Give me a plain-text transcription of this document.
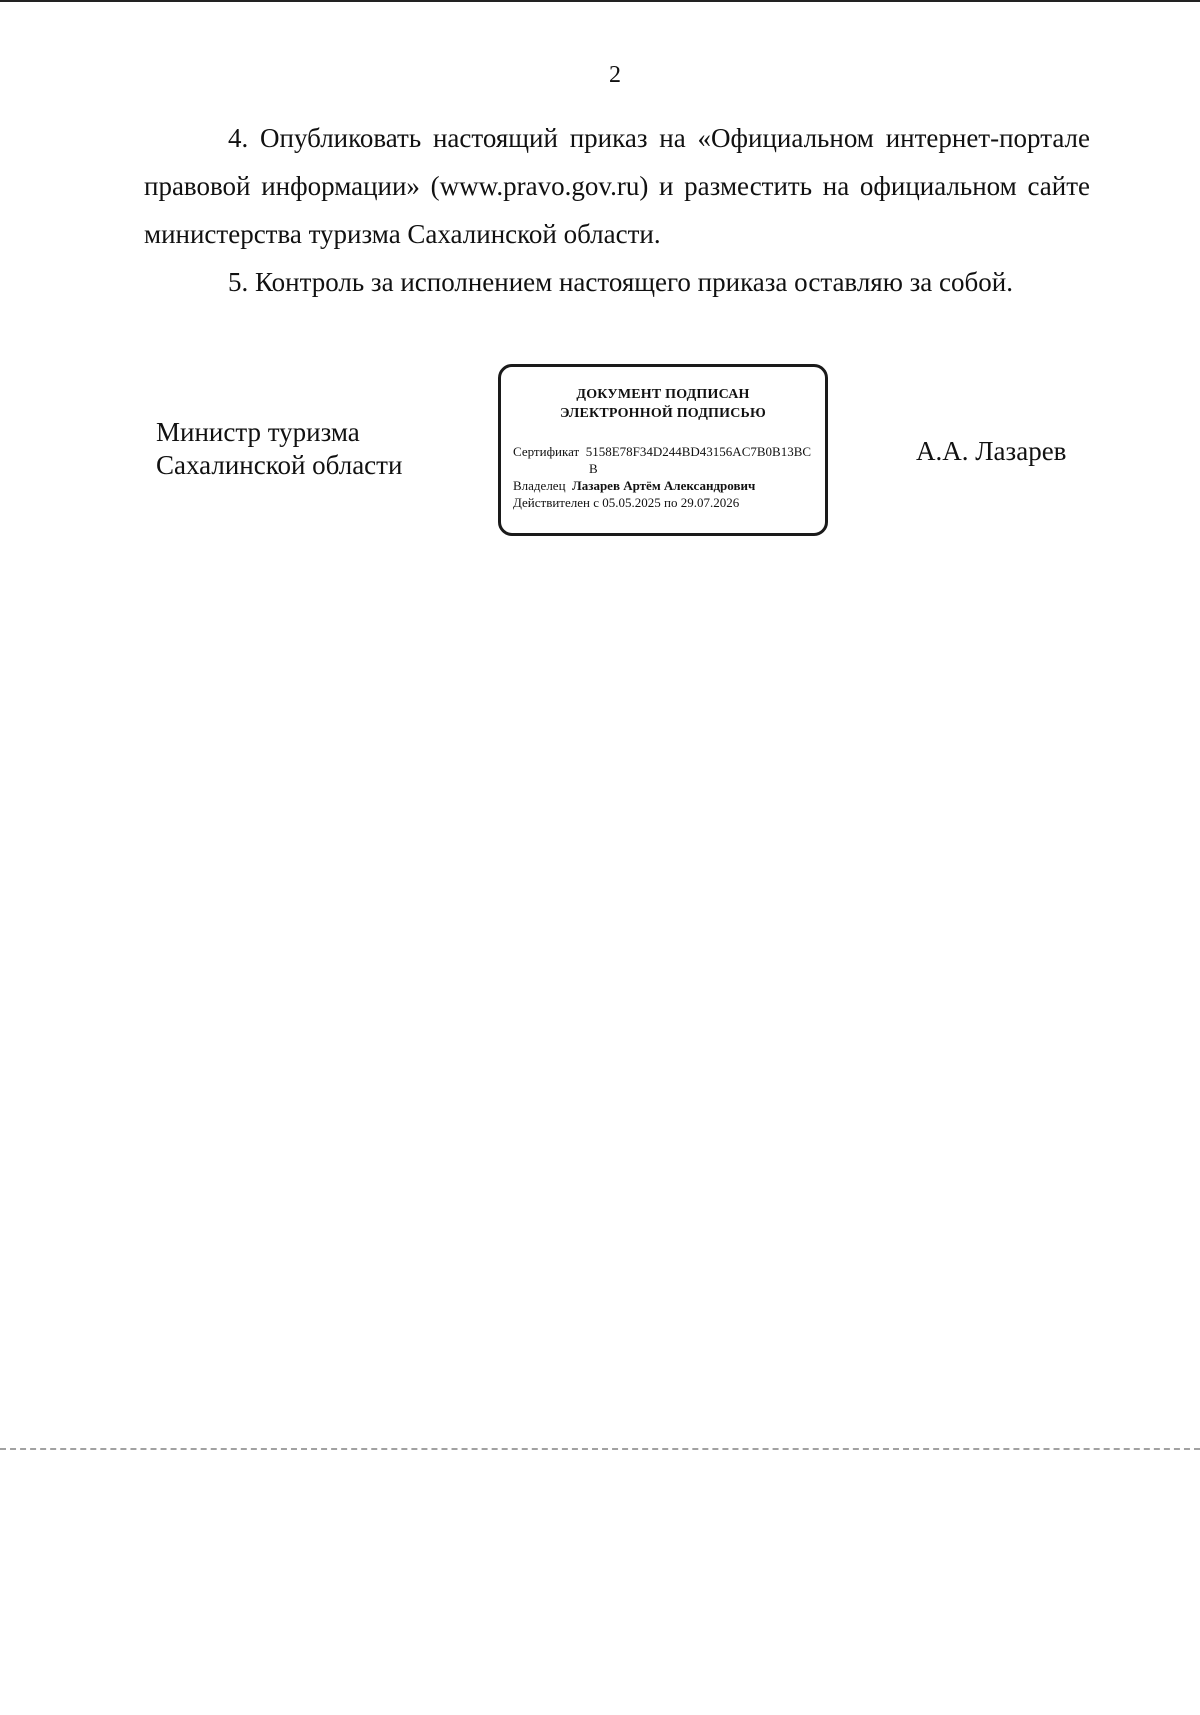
2
4. Опубликовать настоящий приказ на «Официальном интернет-портале правовой информации» (www.pravo.gov.ru) и разместить на официальном сайте министерства туризма Сахалинской области.
5. Контроль за исполнением настоящего приказа оставляю за собой.
Министр туризма
Сахалинской области
ДОКУМЕНТ ПОДПИСАН
ЭЛЕКТРОННОЙ ПОДПИСЬЮ
Сертификат 5158E78F34D244BD43156AC7B0B13BC
B
Владелец Лазарев Артём Александрович
Действителен с 05.05.2025 по 29.07.2026
А.А. Лазарев
